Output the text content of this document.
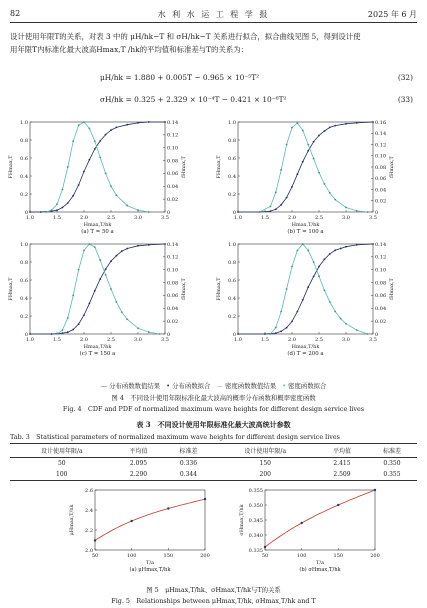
82	水 利 水 运 工 程 学 报	2025 年 6 月
设计使用年限T的关系，对表 3 中的 μH/hk−T 和 σH/hk−T 关系进行拟合，拟合曲线见图 5，得到设计使
用年限T内标准化最大波高Hmax,T /hk的平均值和标准差与T的关系为：
μH/hk = 1.880 + 0.005T − 0.965 × 10⁻⁵T²	(32)
σH/hk = 0.325 + 2.329 × 10⁻⁴T − 0.421 × 10⁻⁶T²	(33)
1.0	1.5	2.0	2.5	3.0	3.5
0
0.2
0.4
0.6
0.8
1.0
0
0.02
0.04
0.06
0.08
0.10
0.12
0.14
FHmax,T	fHmax,T
Hmax,T/hk
(a) T = 50 a
1.0	1.5	2.0	2.5	3.0	3.5
0
0.2
0.4
0.6
0.8
1.0
0
0.02
0.04
0.06
0.08
0.10
0.12
0.14
0.16
FHmax,T	fHmax,T
Hmax,T/hk
(b) T = 100 a
1.0	1.5	2.0	2.5	3.0	3.5
0
0.2
0.4
0.6
0.8
1.0
0
0.02
0.04
0.06
0.08
0.10
0.12
0.14
FHmax,T	fHmax,T
Hmax,T/hk
(c) T = 150 a
1.0	1.5	2.0	2.5	3.0	3.5
0
0.2
0.4
0.6
0.8
1.0
0
0.02
0.04
0.06
0.08
0.10
0.12
0.14
FHmax,T	fHmax,T
Hmax,T/hk
(d) T = 200 a
— 分布函数数值结果 • 分布函数拟合 — 密度函数数值结果 • 密度函数拟合
图 4　不同设计使用年限标准化最大波高的概率分布函数和概率密度函数
Fig. 4　CDF and PDF of normalized maximum wave heights for different design service lives
表 3　不同设计使用年限标准化最大波高统计参数
Tab. 3　Statistical parameters of normalized maximum wave heights for different design service lives
设计使用年限/a	平均值	标准差	设计使用年限/a	平均值	标准差
50	2.095	0.336	150	2.415	0.350
100	2.290	0.344	200	2.509	0.355
50	100	150	200
2.0
2.2
2.4
2.6
μHmax,T/hk
T/a
(a) μHmax,T/hk
50	100	150	200
0.335
0.340
0.345
0.350
0.355
σHmax,T/hk
T/a
(b) σHmax,T/hk
图 5　μHmax,T/hk、σHmax,T/hk与T的关系
Fig. 5　Relationships between μHmax,T/hk, σHmax,T/hk and T
